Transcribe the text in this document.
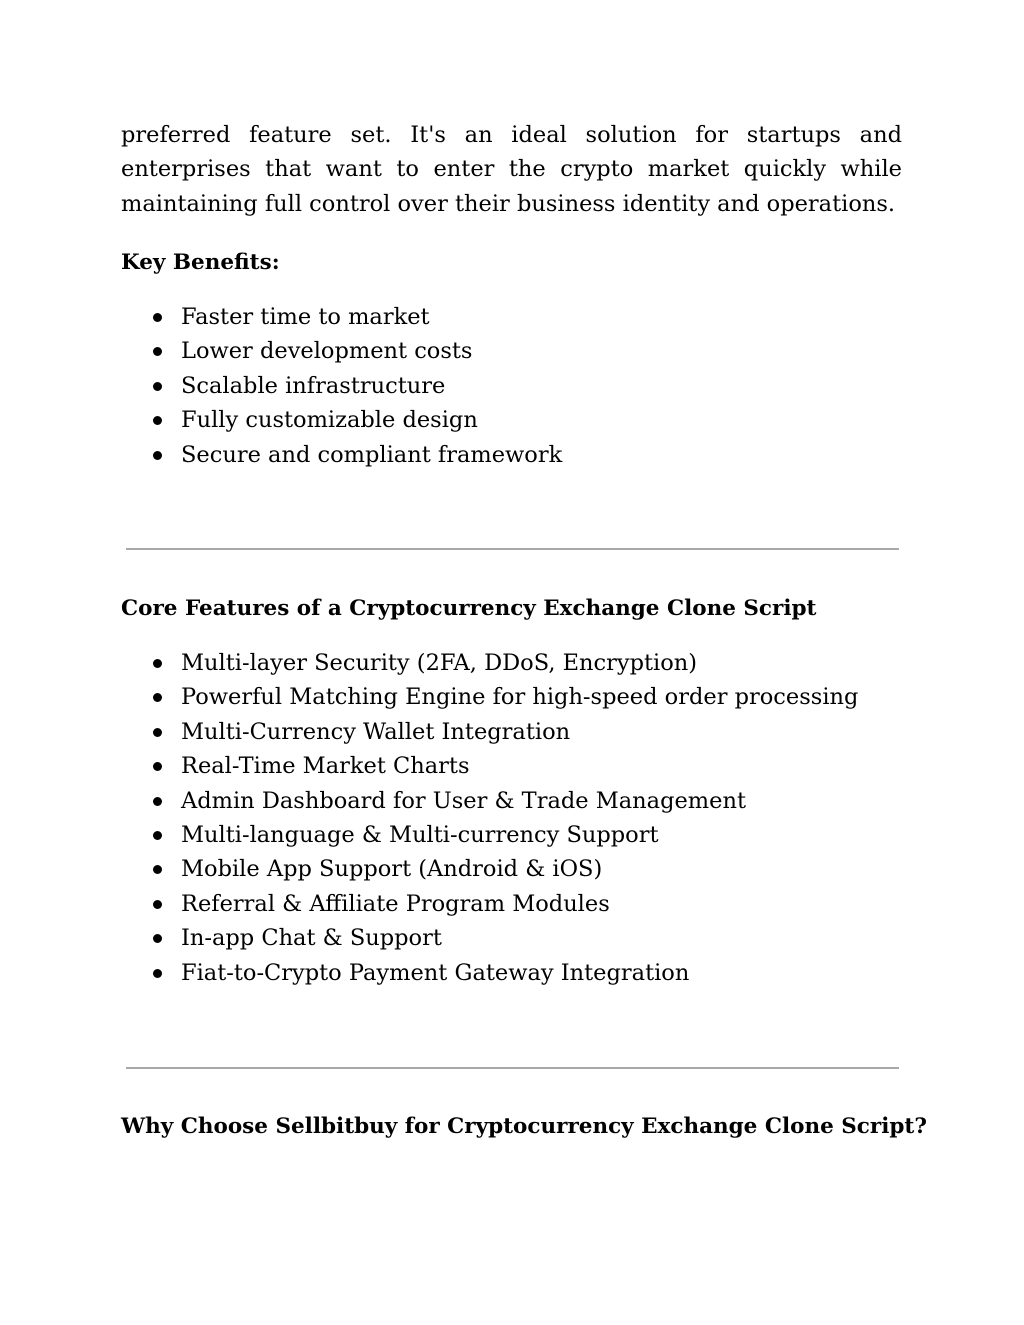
preferred feature set. It's an ideal solution for startups and enterprises that want to enter the crypto market quickly while maintaining full control over their business identity and operations.

Key Benefits:
Faster time to market
Lower development costs
Scalable infrastructure
Fully customizable design
Secure and compliant framework
Core Features of a Cryptocurrency Exchange Clone Script
Multi-layer Security (2FA, DDoS, Encryption)
Powerful Matching Engine for high-speed order processing
Multi-Currency Wallet Integration
Real-Time Market Charts
Admin Dashboard for User & Trade Management
Multi-language & Multi-currency Support
Mobile App Support (Android & iOS)
Referral & Affiliate Program Modules
In-app Chat & Support
Fiat-to-Crypto Payment Gateway Integration
Why Choose Sellbitbuy for Cryptocurrency Exchange Clone Script?
